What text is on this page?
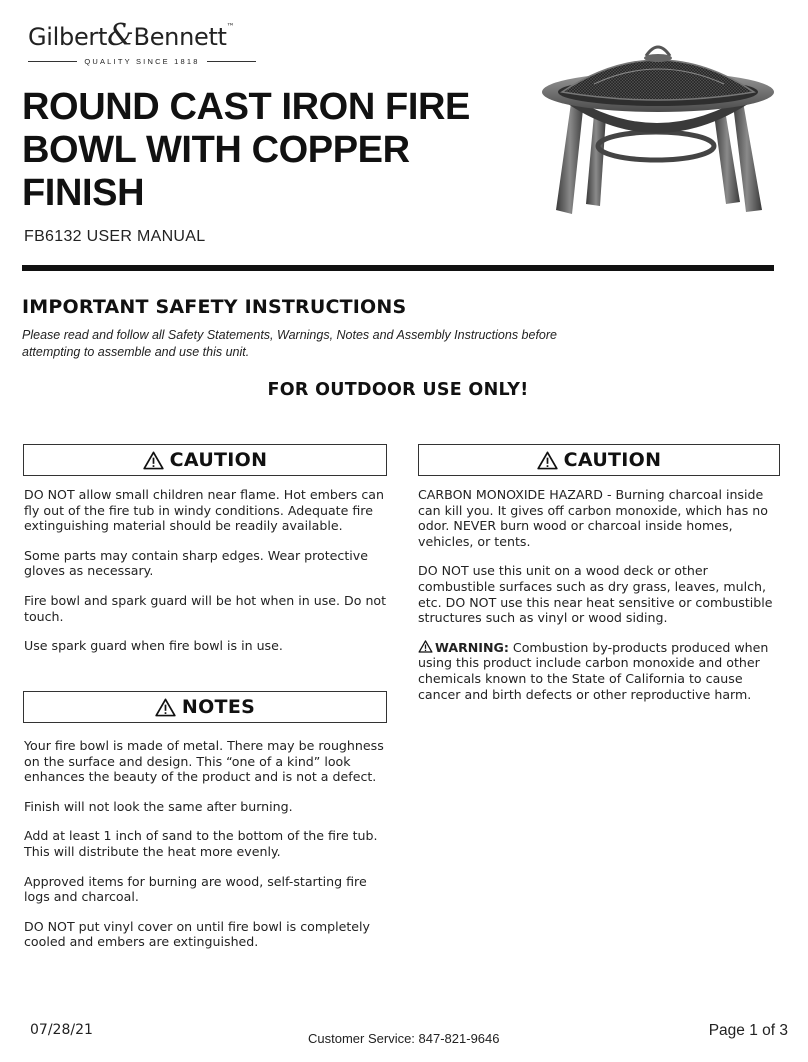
Gilbert&Bennett™
QUALITY SINCE 1818
ROUND CAST IRON FIRE
BOWL WITH COPPER
FINISH
FB6132 USER MANUAL
IMPORTANT SAFETY INSTRUCTIONS
Please read and follow all Safety Statements, Warnings, Notes and Assembly Instructions before
attempting to assemble and use this unit.
FOR OUTDOOR USE ONLY!
CAUTION

DO NOT allow small children near flame. Hot embers can fly out of the fire tub in windy conditions. Adequate fire extinguishing material should be readily available.

Some parts may contain sharp edges. Wear protective gloves as necessary.

Fire bowl and spark guard will be hot when in use. Do not touch.

Use spark guard when fire bowl is in use.

NOTES

Your fire bowl is made of metal. There may be roughness on the surface and design. This “one of a kind” look enhances the beauty of the product and is not a defect.

Finish will not look the same after burning.

Add at least 1 inch of sand to the bottom of the fire tub. This will distribute the heat more evenly.

Approved items for burning are wood, self-starting fire logs and charcoal.

DO NOT put vinyl cover on until fire bowl is completely cooled and embers are extinguished.

CAUTION

CARBON MONOXIDE HAZARD - Burning charcoal inside can kill you. It gives off carbon monoxide, which has no odor. NEVER burn wood or charcoal inside homes, vehicles, or tents.

DO NOT use this unit on a wood deck or other combustible surfaces such as dry grass, leaves, mulch, etc. DO NOT use this near heat sensitive or combustible structures such as vinyl or wood siding.

WARNING: Combustion by-products produced when using this product include carbon monoxide and other chemicals known to the State of California to cause cancer and birth defects or other reproductive harm.

07/28/21
Customer Service: 847-821-9646	Page 1 of 3
